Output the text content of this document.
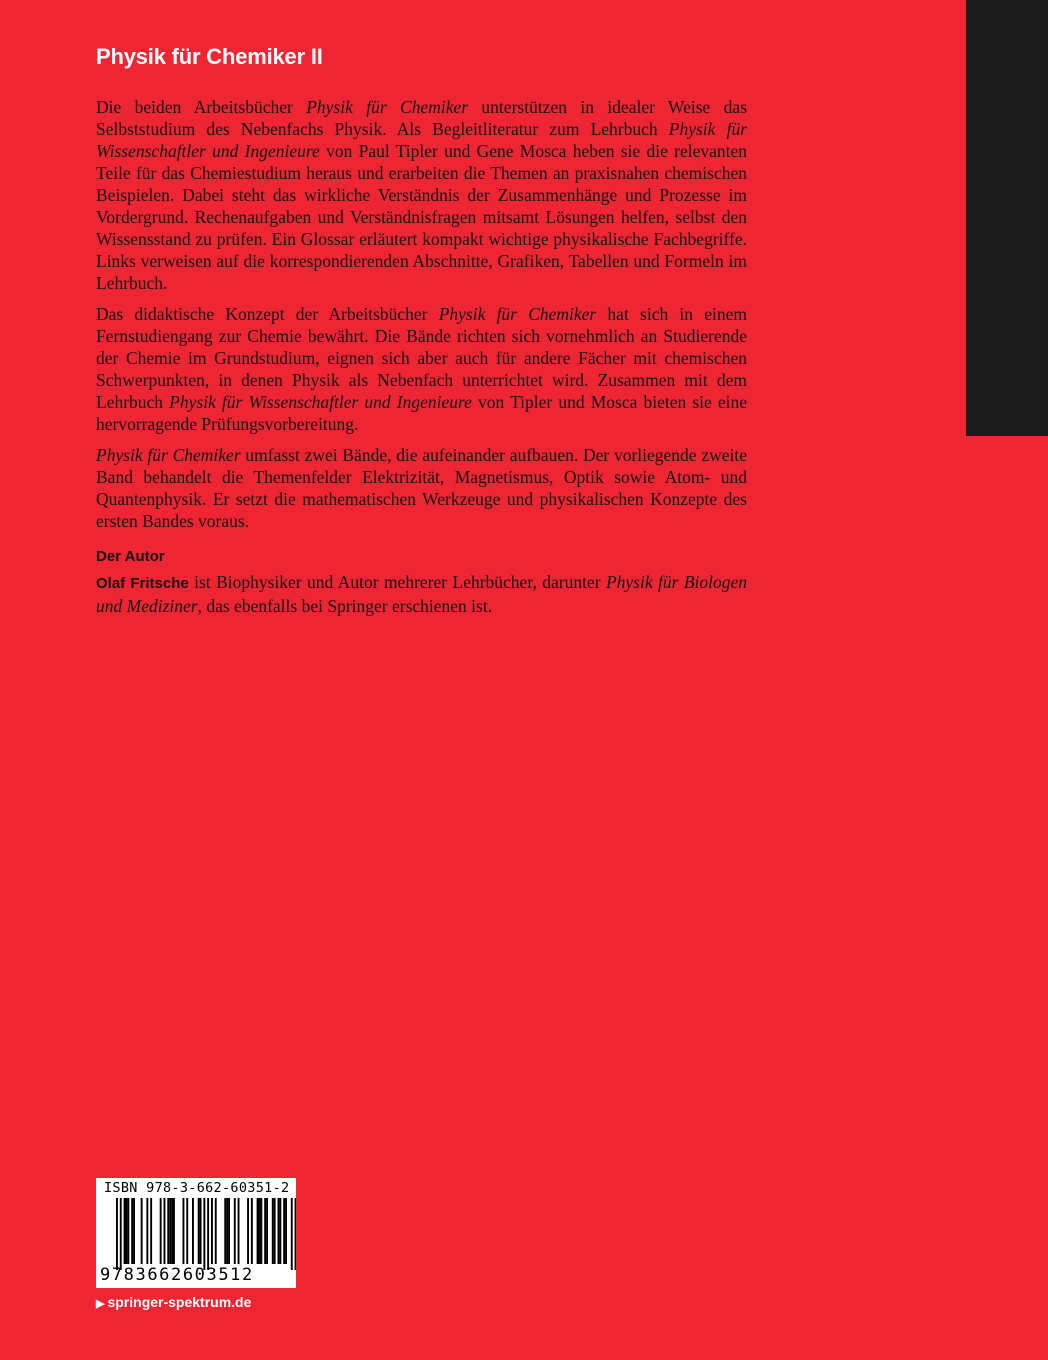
Physik für Chemiker II

Die beiden Arbeitsbücher Physik für Chemiker unterstützen in idealer Weise das Selbststudium des Nebenfachs Physik. Als Begleitliteratur zum Lehrbuch Physik für Wissenschaftler und Ingenieure von Paul Tipler und Gene Mosca heben sie die relevanten Teile für das Chemiestudium heraus und erarbeiten die Themen an praxisnahen chemischen Beispielen. Dabei steht das wirkliche Verständnis der Zusammenhänge und Prozesse im Vordergrund. Rechenaufgaben und Verständnisfragen mitsamt Lösungen helfen, selbst den Wissensstand zu prüfen. Ein Glossar erläutert kompakt wichtige physikalische Fachbegriffe. Links verweisen auf die korrespondierenden Abschnitte, Grafiken, Tabellen und Formeln im Lehrbuch.

Das didaktische Konzept der Arbeitsbücher Physik für Chemiker hat sich in einem Fernstudiengang zur Chemie bewährt. Die Bände richten sich vornehmlich an Studierende der Chemie im Grundstudium, eignen sich aber auch für andere Fächer mit chemischen Schwerpunkten, in denen Physik als Nebenfach unterrichtet wird. Zusammen mit dem Lehrbuch Physik für Wissenschaftler und Ingenieure von Tipler und Mosca bieten sie eine hervorragende Prüfungsvorbereitung.

Physik für Chemiker umfasst zwei Bände, die aufeinander aufbauen. Der vorliegende zweite Band behandelt die Themenfelder Elektrizität, Magnetismus, Optik sowie Atom- und Quantenphysik. Er setzt die mathematischen Werkzeuge und physikalischen Konzepte des ersten Bandes voraus.

Der Autor

Olaf Fritsche ist Biophysiker und Autor mehrerer Lehrbücher, darunter Physik für Biologen und Mediziner, das ebenfalls bei Springer erschienen ist.

ISBN 978-3-662-60351-2
9783662603512
▶ springer-spektrum.de
